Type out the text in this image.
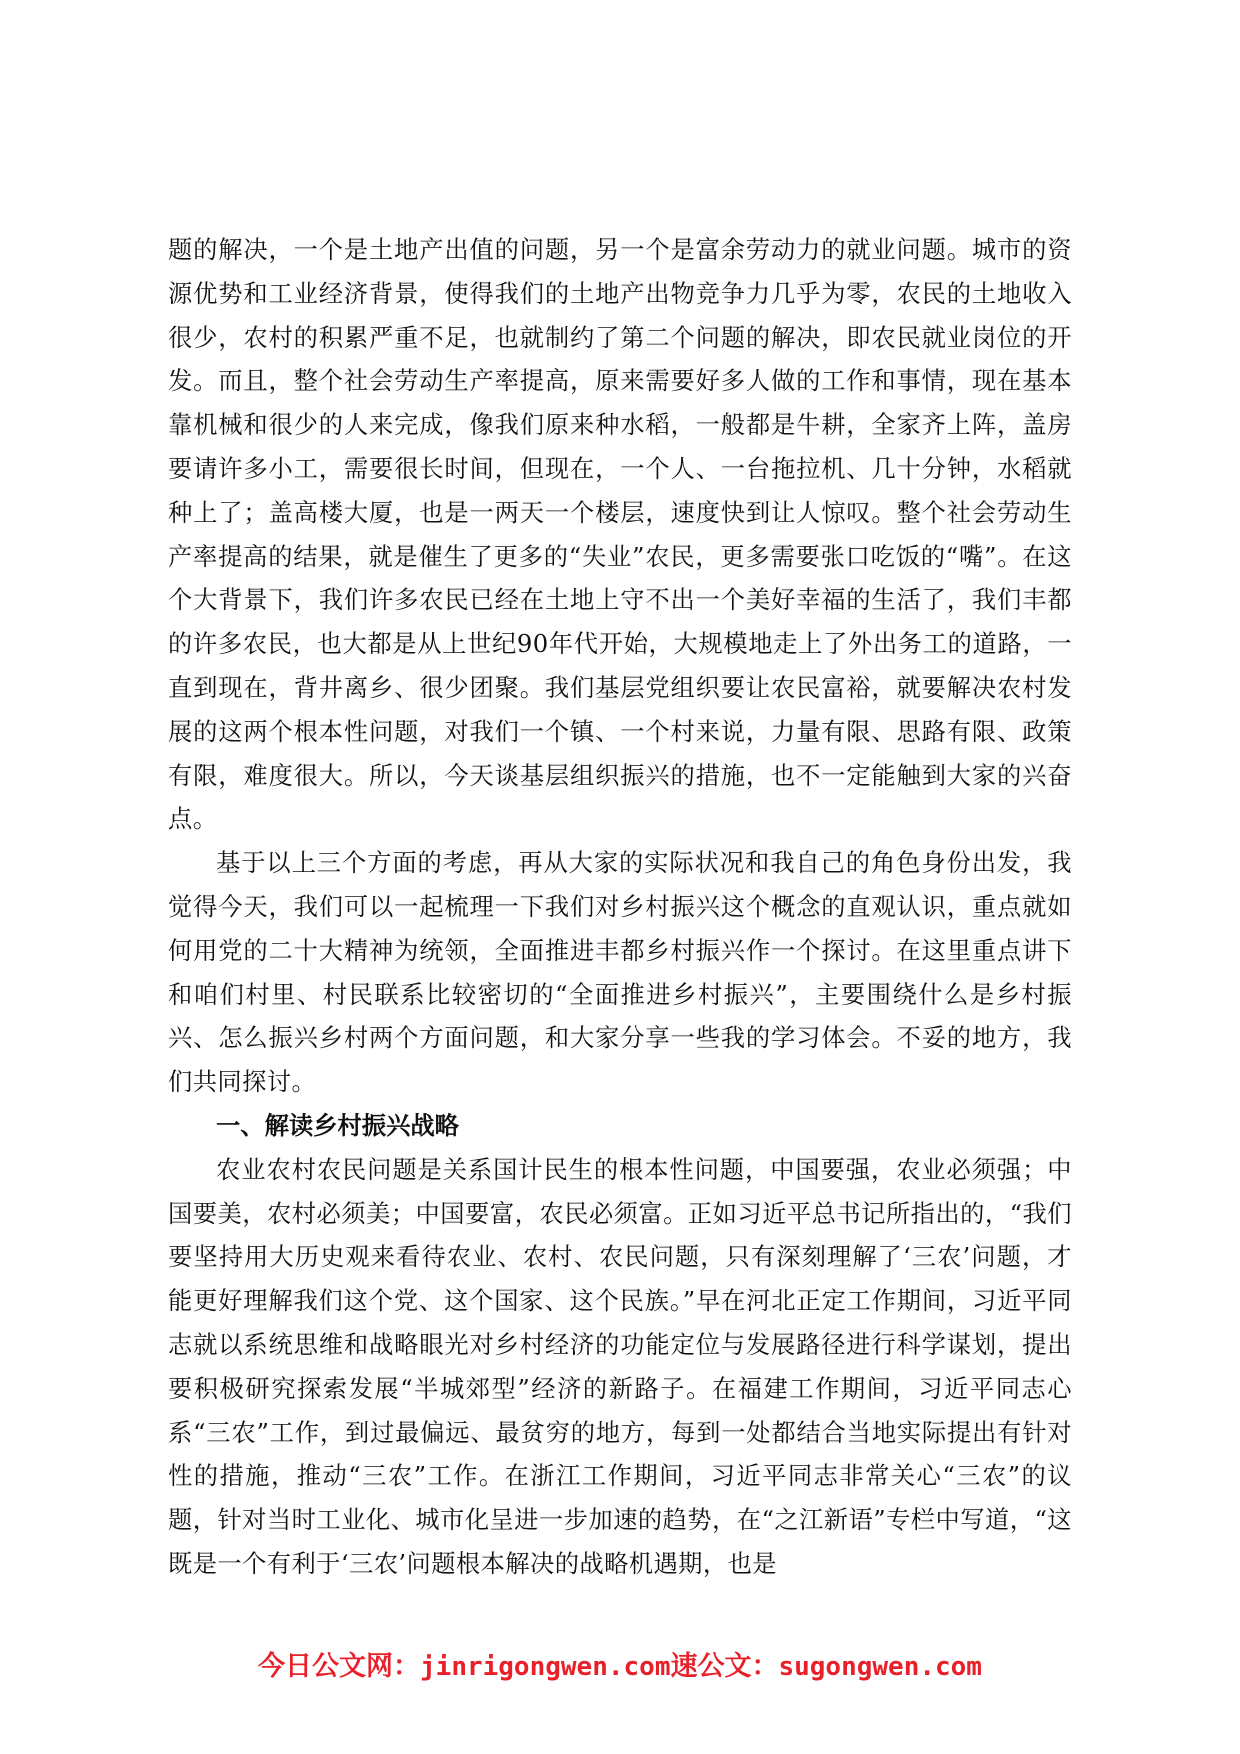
题的解决，一个是土地产出值的问题，另一个是富余劳动力的就业问题。城市的资源优势和工业经济背景，使得我们的土地产出物竞争力几乎为零，农民的土地收入很少，农村的积累严重不足，也就制约了第二个问题的解决，即农民就业岗位的开发。而且，整个社会劳动生产率提高，原来需要好多人做的工作和事情，现在基本靠机械和很少的人来完成，像我们原来种水稻，一般都是牛耕，全家齐上阵，盖房要请许多小工，需要很长时间，但现在，一个人、一台拖拉机、几十分钟，水稻就种上了；盖高楼大厦，也是一两天一个楼层，速度快到让人惊叹。整个社会劳动生产率提高的结果，就是催生了更多的“失业”农民，更多需要张口吃饭的“嘴”。在这个大背景下，我们许多农民已经在土地上守不出一个美好幸福的生活了，我们丰都的许多农民，也大都是从上世纪90年代开始，大规模地走上了外出务工的道路，一直到现在，背井离乡、很少团聚。我们基层党组织要让农民富裕，就要解决农村发展的这两个根本性问题，对我们一个镇、一个村来说，力量有限、思路有限、政策有限，难度很大。所以，今天谈基层组织振兴的措施，也不一定能触到大家的兴奋点。

基于以上三个方面的考虑，再从大家的实际状况和我自己的角色身份出发，我觉得今天，我们可以一起梳理一下我们对乡村振兴这个概念的直观认识，重点就如何用党的二十大精神为统领，全面推进丰都乡村振兴作一个探讨。在这里重点讲下和咱们村里、村民联系比较密切的“全面推进乡村振兴”，主要围绕什么是乡村振兴、怎么振兴乡村两个方面问题，和大家分享一些我的学习体会。不妥的地方，我们共同探讨。

一、解读乡村振兴战略

农业农村农民问题是关系国计民生的根本性问题，中国要强，农业必须强；中国要美，农村必须美；中国要富，农民必须富。正如习近平总书记所指出的，“我们要坚持用大历史观来看待农业、农村、农民问题，只有深刻理解了‘三农’问题，才能更好理解我们这个党、这个国家、这个民族。”早在河北正定工作期间，习近平同志就以系统思维和战略眼光对乡村经济的功能定位与发展路径进行科学谋划，提出要积极研究探索发展“半城郊型”经济的新路子。在福建工作期间，习近平同志心系“三农”工作，到过最偏远、最贫穷的地方，每到一处都结合当地实际提出有针对性的措施，推动“三农”工作。在浙江工作期间，习近平同志非常关心“三农”的议题，针对当时工业化、城市化呈进一步加速的趋势，在“之江新语”专栏中写道，“这既是一个有利于‘三农’问题根本解决的战略机遇期，也是

今日公文网：jinrigongwen.com速公文：sugongwen.com
